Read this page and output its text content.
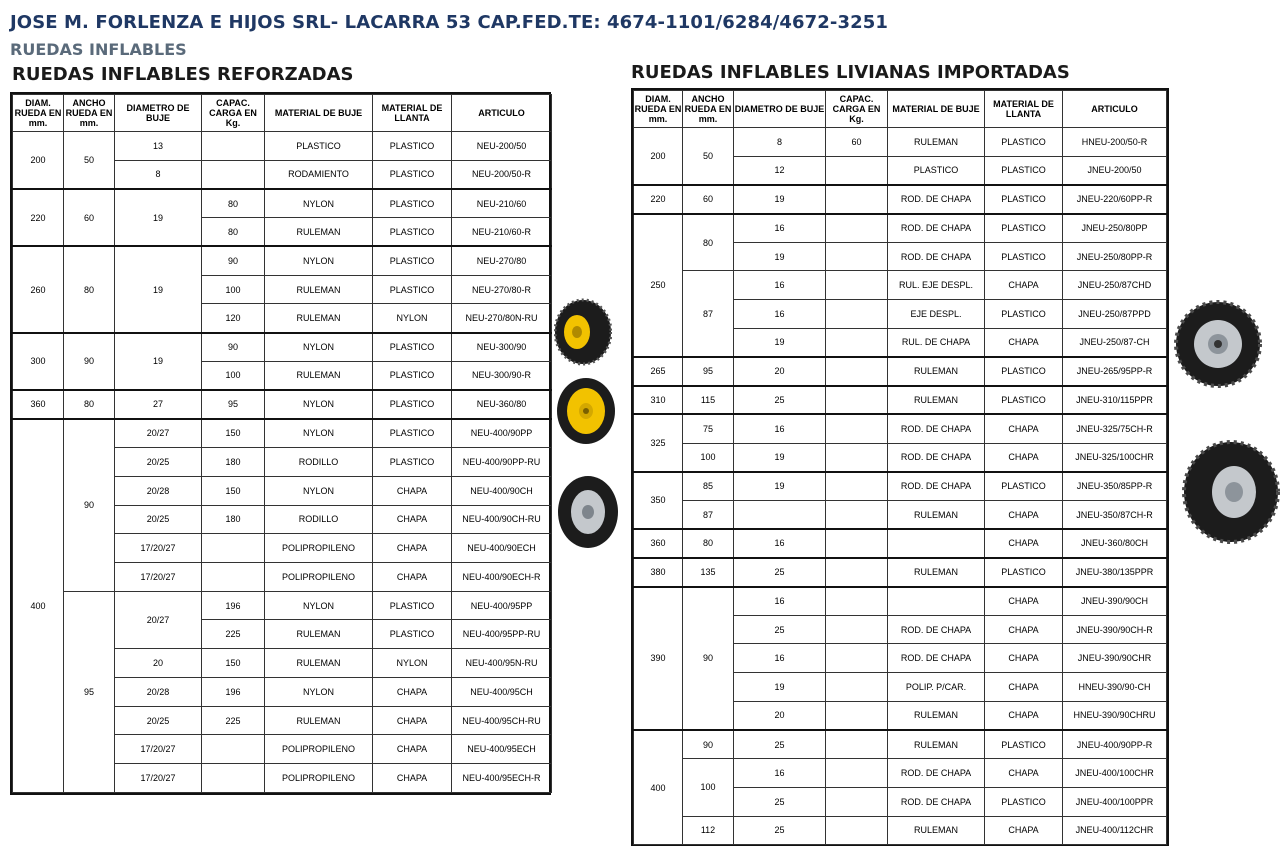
JOSE M. FORLENZA E HIJOS SRL- LACARRA 53 CAP.FED.TE: 4674-1101/6284/4672-3251
RUEDAS INFLABLES
RUEDAS INFLABLES REFORZADAS
DIAM. RUEDA EN mm.	ANCHO RUEDA EN mm.	DIAMETRO DE BUJE	CAPAC. CARGA EN Kg.	MATERIAL DE BUJE	MATERIAL DE LLANTA	ARTICULO
200	50	13		PLASTICO	PLASTICO	NEU-200/50
		8		RODAMIENTO	PLASTICO	NEU-200/50-R
220	60	19	80	NYLON	PLASTICO	NEU-210/60
			80	RULEMAN	PLASTICO	NEU-210/60-R
260	80	19	90	NYLON	PLASTICO	NEU-270/80
			100	RULEMAN	PLASTICO	NEU-270/80-R
			120	RULEMAN	NYLON	NEU-270/80N-RU
300	90	19	90	NYLON	PLASTICO	NEU-300/90
			100	RULEMAN	PLASTICO	NEU-300/90-R
360	80	27	95	NYLON	PLASTICO	NEU-360/80
400	90	20/27	150	NYLON	PLASTICO	NEU-400/90PP
		20/25	180	RODILLO	PLASTICO	NEU-400/90PP-RU
		20/28	150	NYLON	CHAPA	NEU-400/90CH
		20/25	180	RODILLO	CHAPA	NEU-400/90CH-RU
		17/20/27		POLIPROPILENO	CHAPA	NEU-400/90ECH
		17/20/27		POLIPROPILENO	CHAPA	NEU-400/90ECH-R
	95	20/27	196	NYLON	PLASTICO	NEU-400/95PP
			225	RULEMAN	PLASTICO	NEU-400/95PP-RU
		20	150	RULEMAN	NYLON	NEU-400/95N-RU
		20/28	196	NYLON	CHAPA	NEU-400/95CH
		20/25	225	RULEMAN	CHAPA	NEU-400/95CH-RU
		17/20/27		POLIPROPILENO	CHAPA	NEU-400/95ECH
		17/20/27		POLIPROPILENO	CHAPA	NEU-400/95ECH-R
RUEDAS INFLABLES LIVIANAS IMPORTADAS
DIAM. RUEDA EN mm.	ANCHO RUEDA EN mm.	DIAMETRO DE BUJE	CAPAC. CARGA EN Kg.	MATERIAL DE BUJE	MATERIAL DE LLANTA	ARTICULO
200	50	8	60	RULEMAN	PLASTICO	HNEU-200/50-R
		12		PLASTICO	PLASTICO	JNEU-200/50
220	60	19		ROD. DE CHAPA	PLASTICO	JNEU-220/60PP-R
250	80	16		ROD. DE CHAPA	PLASTICO	JNEU-250/80PP
		19		ROD. DE CHAPA	PLASTICO	JNEU-250/80PP-R
	87	16		RUL. EJE DESPL.	CHAPA	JNEU-250/87CHD
		16		EJE DESPL.	PLASTICO	JNEU-250/87PPD
		19		RUL. DE CHAPA	CHAPA	JNEU-250/87-CH
265	95	20		RULEMAN	PLASTICO	JNEU-265/95PP-R
310	115	25		RULEMAN	PLASTICO	JNEU-310/115PPR
325	75	16		ROD. DE CHAPA	CHAPA	JNEU-325/75CH-R
	100	19		ROD. DE CHAPA	CHAPA	JNEU-325/100CHR
350	85	19		ROD. DE CHAPA	PLASTICO	JNEU-350/85PP-R
	87			RULEMAN	CHAPA	JNEU-350/87CH-R
360	80	16			CHAPA	JNEU-360/80CH
380	135	25		RULEMAN	PLASTICO	JNEU-380/135PPR
390	90	16			CHAPA	JNEU-390/90CH
		25		ROD. DE CHAPA	CHAPA	JNEU-390/90CH-R
		16		ROD. DE CHAPA	CHAPA	JNEU-390/90CHR
		19		POLIP. P/CAR.	CHAPA	HNEU-390/90-CH
		20		RULEMAN	CHAPA	HNEU-390/90CHRU
400	90	25		RULEMAN	PLASTICO	JNEU-400/90PP-R
	100	16		ROD. DE CHAPA	CHAPA	JNEU-400/100CHR
		25		ROD. DE CHAPA	PLASTICO	JNEU-400/100PPR
	112	25		RULEMAN	CHAPA	JNEU-400/112CHR
